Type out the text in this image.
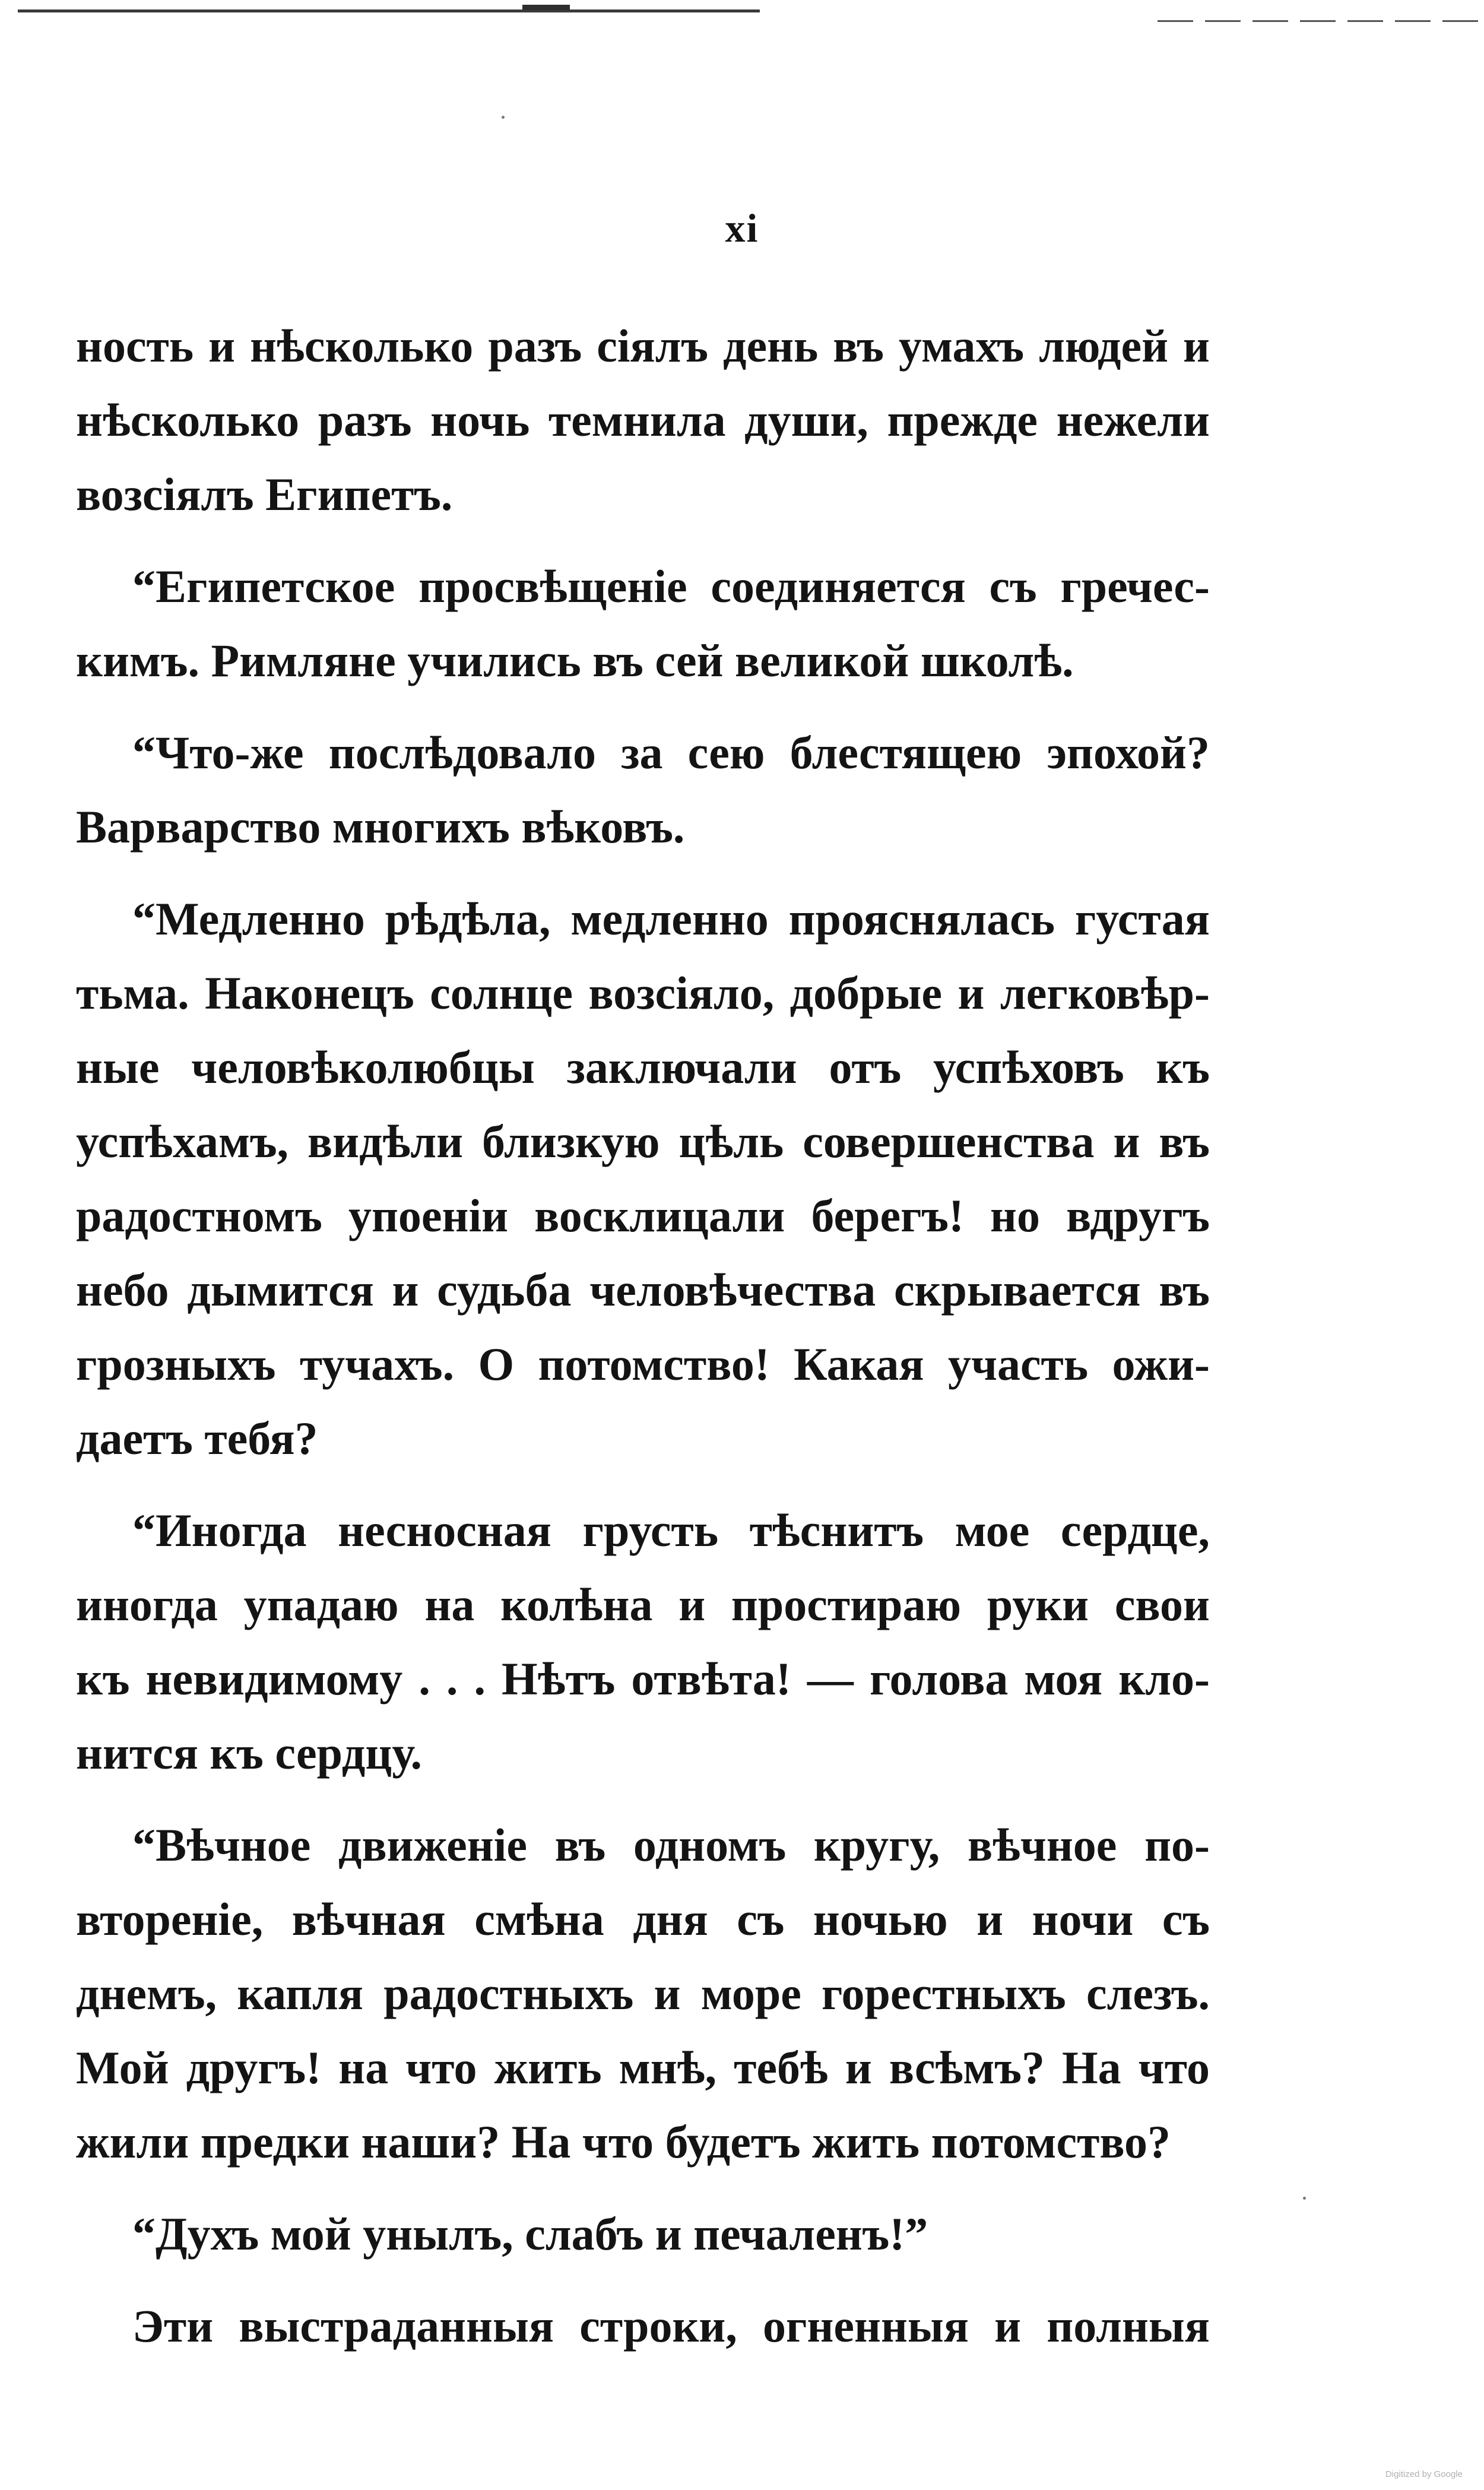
xi
ность и нѣсколько разъ сіялъ день въ умахъ людей и
нѣсколько разъ ночь темнила души, прежде нежели
возсіялъ Египетъ.
“Египетское просвѣщеніе соединяется съ гречес-
кимъ. Римляне учились въ сей великой школѣ.
“Что-же послѣдовало за сею блестящею эпохой?
Варварство многихъ вѣковъ.
“Медленно рѣдѣла, медленно прояснялась густая
тьма. Наконецъ солнце возсіяло, добрые и легковѣр-
ные человѣколюбцы заключали отъ успѣховъ къ
успѣхамъ, видѣли близкую цѣль совершенства и въ
радостномъ упоеніи восклицали берегъ! но вдругъ
небо дымится и судьба человѣчества скрывается въ
грозныхъ тучахъ. О потомство! Какая участь ожи-
даетъ тебя?
“Иногда несносная грусть тѣснитъ мое сердце,
иногда упадаю на колѣна и простираю руки свои
къ невидимому . . . Нѣтъ отвѣта! — голова моя кло-
нится къ сердцу.
“Вѣчное движеніе въ одномъ кругу, вѣчное по-
втореніе, вѣчная смѣна дня съ ночью и ночи съ
днемъ, капля радостныхъ и море горестныхъ слезъ.
Мой другъ! на что жить мнѣ, тебѣ и всѣмъ? На что
жили предки наши? На что будетъ жить потомство?
“Духъ мой унылъ, слабъ и печаленъ!”
Эти выстраданныя строки, огненныя и полныя
Digitized by Google
